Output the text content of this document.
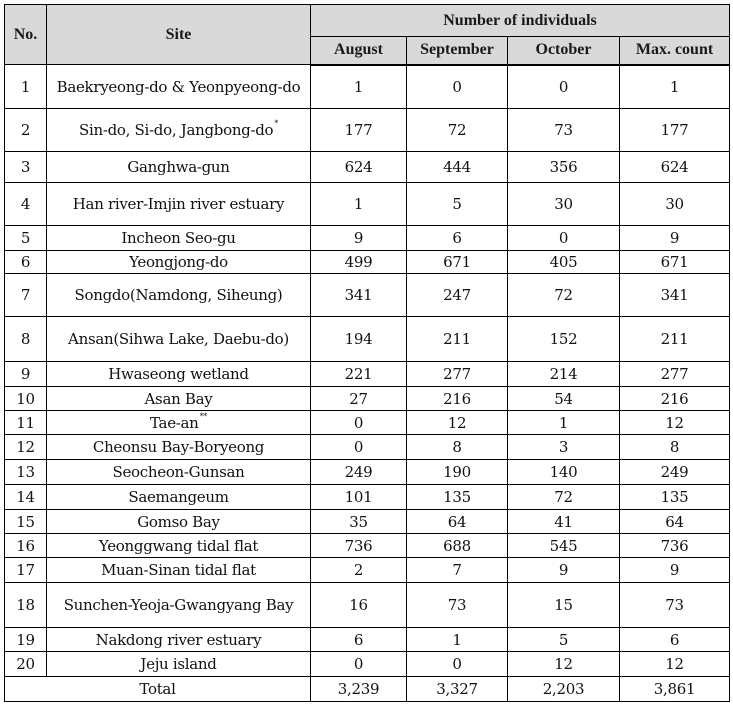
No.	Site	Number of individuals			
		August	September	October	Max. count
1	Baekryeong-do & Yeonpyeong-do	1	0	0	1
2	Sin-do, Si-do, Jangbong-do*	177	72	73	177
3	Ganghwa-gun	624	444	356	624
4	Han river-Imjin river estuary	1	5	30	30
5	Incheon Seo-gu	9	6	0	9
6	Yeongjong-do	499	671	405	671
7	Songdo(Namdong, Siheung)	341	247	72	341
8	Ansan(Sihwa Lake, Daebu-do)	194	211	152	211
9	Hwaseong wetland	221	277	214	277
10	Asan Bay	27	216	54	216
11	Tae-an**	0	12	1	12
12	Cheonsu Bay-Boryeong	0	8	3	8
13	Seocheon-Gunsan	249	190	140	249
14	Saemangeum	101	135	72	135
15	Gomso Bay	35	64	41	64
16	Yeonggwang tidal flat	736	688	545	736
17	Muan-Sinan tidal flat	2	7	9	9
18	Sunchen-Yeoja-Gwangyang Bay	16	73	15	73
19	Nakdong river estuary	6	1	5	6
20	Jeju island	0	0	12	12
Total		3,239	3,327	2,203	3,861
